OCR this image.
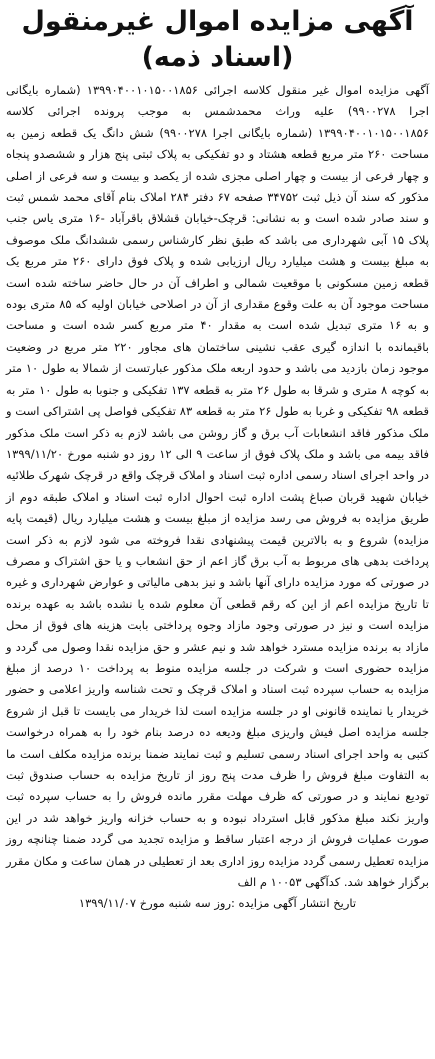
آگهی مزایده اموال غیرمنقول
(اسناد ذمه)

آگهی مزایده اموال غیر منقول کلاسه اجرائی ۱۳۹۹۰۴۰۰۱۰۱۵۰۰۱۸۵۶ (شماره بایگانی اجرا ۹۹۰۰۲۷۸) علیه وراث محمدشمس به موجب پرونده اجرائی کلاسه ۱۳۹۹۰۴۰۰۱۰۱۵۰۰۱۸۵۶ (شماره بایگانی اجرا ۹۹۰۰۲۷۸) شش دانگ یک قطعه زمین به مساحت ۲۶۰ متر مربع قطعه هشتاد و دو تفکیکی به پلاک ثبتی پنج هزار و ششصدو پنجاه و چهار فرعی از بیست و چهار اصلی مجزی شده از یکصد و بیست و سه فرعی از اصلی مذکور که سند آن ذیل ثبت ۳۴۷۵۲ صفحه ۶۷ دفتر ۲۸۴ املاک بنام آقای محمد شمس ثبت و سند صادر شده است و به نشانی: قرچک-خیابان قشلاق باقرآباد -۱۶ متری یاس جنب پلاک ۱۵ آبی شهرداری می باشد که طبق نظر کارشناس رسمی ششدانگ ملک موصوف به مبلغ بیست و هشت میلیارد ریال ارزیابی شده و پلاک فوق دارای ۲۶۰ متر مربع یک قطعه زمین مسکونی با موقعیت شمالی و اطراف آن در حال حاضر ساخته شده است مساحت موجود آن به علت وقوع مقداری از آن در اصلاحی خیابان اولیه که ۸۵ متری بوده و به ۱۶ متری تبدیل شده است به مقدار ۴۰ متر مربع کسر شده است و مساحت باقیمانده با اندازه گیری عقب نشینی ساختمان های مجاور ۲۲۰ متر مربع در وضعیت موجود زمان بازدید می باشد و حدود اربعه ملک مذکور عبارتست از شمالا به طول ۱۰ متر به کوچه ۸ متری و شرقا به طول ۲۶ متر به قطعه ۱۳۷ تفکیکی و جنوبا به طول ۱۰ متر به قطعه ۹۸ تفکیکی و غربا به طول ۲۶ متر به قطعه ۸۳ تفکیکی فواصل پی اشتراکی است و ملک مذکور فاقد انشعابات آب برق و گاز روشن می باشد لازم به ذکر است ملک مذکور فاقد بیمه می باشد و ملک پلاک فوق از ساعت ۹ الی ۱۲ روز دو شنبه مورخ ۱۳۹۹/۱۱/۲۰ در واحد اجرای اسناد رسمی اداره ثبت اسناد و املاک قرچک واقع در قرچک شهرک طلائیه خیابان شهید قربان صباغ پشت اداره ثبت احوال اداره ثبت اسناد و املاک طبقه دوم از طریق مزایده به فروش می رسد مزایده از مبلغ بیست و هشت میلیارد ریال (قیمت پایه مزایده) شروع و به بالاترین قیمت پیشنهادی نقدا فروخته می شود لازم به ذکر است پرداخت بدهی های مربوط به آب برق گاز اعم از حق انشعاب و یا حق اشتراک و مصرف در صورتی که مورد مزایده دارای آنها باشد و نیز بدهی مالیاتی و عوارض شهرداری و غیره تا تاریخ مزایده اعم از این که رقم قطعی آن معلوم شده یا نشده باشد به عهده برنده مزایده است و نیز در صورتی وجود مازاد وجوه پرداختی بابت هزینه های فوق از محل مازاد به برنده مزایده مسترد خواهد شد و نیم عشر و حق مزایده نقدا وصول می گردد و مزایده حضوری است و شرکت در جلسه مزایده منوط به پرداخت ۱۰ درصد از مبلغ مزایده به حساب سپرده ثبت اسناد و املاک قرچک و تحت شناسه واریز اعلامی و حضور خریدار یا نماینده قانونی او در جلسه مزایده است لذا خریدار می بایست تا قبل از شروع جلسه مزایده اصل فیش واریزی مبلغ ودیعه ده درصد بنام خود را به همراه درخواست کتبی به واحد اجرای اسناد رسمی تسلیم و ثبت نمایند ضمنا برنده مزایده مکلف است ما به التفاوت مبلغ فروش را ظرف مدت پنج روز از تاریخ مزایده به حساب صندوق ثبت تودیع نمایند و در صورتی که ظرف مهلت مقرر مانده فروش را به حساب سپرده ثبت واریز نکند مبلغ مذکور قابل استرداد نبوده و به حساب خزانه واریز خواهد شد در این صورت عملیات فروش از درجه اعتبار ساقط و مزایده تجدید می گردد ضمنا چنانچه روز مزایده تعطیل رسمی گردد مزایده روز اداری بعد از تعطیلی در همان ساعت و مکان مقرر برگزار خواهد شد. کدآگهی ۱۰۰۵۳ م الف

تاریخ انتشار آگهی مزایده :روز سه شنبه مورخ ۱۳۹۹/۱۱/۰۷
